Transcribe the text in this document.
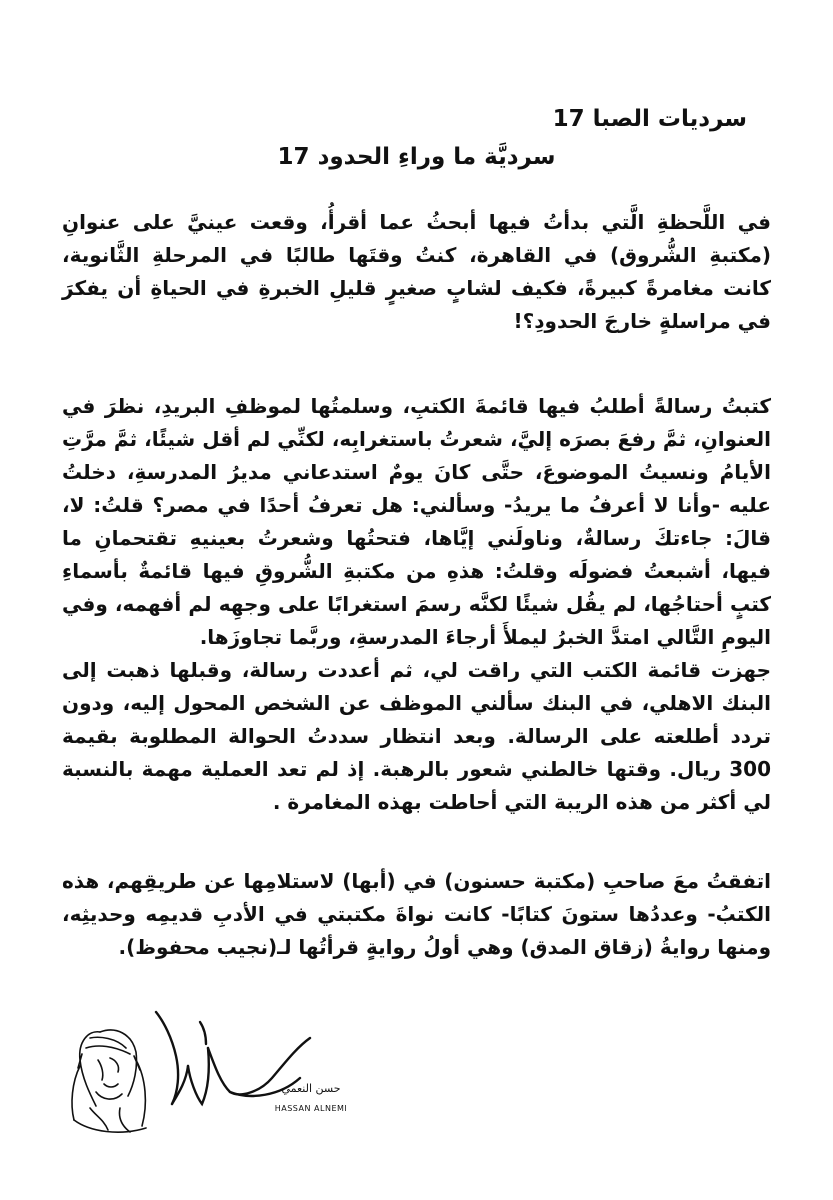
سرديات الصبا 17
سرديَّة ما وراءِ الحدود 17

في اللَّحظةِ الَّتي بدأتُ فيها أبحثُ عما أقرأُ، وقعت عينيَّ على عنوانِ (مكتبةِ الشُّروق) في القاهرة، كنتُ وقتَها طالبًا في المرحلةِ الثَّانوية، كانت مغامرةً كبيرةً، فكيف لشابٍ صغيرٍ قليلِ الخبرةِ في الحياةِ أن يفكرَ في مراسلةٍ خارجَ الحدودِ؟!

كتبتُ رسالةً أطلبُ فيها قائمةَ الكتبِ، وسلمتُها لموظفِ البريدِ، نظرَ في العنوانِ، ثمَّ رفعَ بصرَه إليَّ، شعرتُ باستغرابِه، لكنِّي لم أقل شيئًا، ثمَّ مرَّتِ الأيامُ ونسيتُ الموضوعَ، حتَّى كانَ يومٌ استدعاني مديرُ المدرسةِ، دخلتُ عليه -وأنا لا أعرفُ ما يريدُ- وسألني: هل تعرفُ أحدًا في مصر؟ قلتُ: لا، قالَ: جاءتكَ رسالةٌ، وناولَني إيَّاها، فتحتُها وشعرتُ بعينيهِ تقتحمانِ ما فيها، أشبعتُ فضولَه وقلتُ: هذهِ من مكتبةِ الشُّروقِ فيها قائمةٌ بأسماءِ كتبٍ أحتاجُها، لم يقُل شيئًا لكنَّه رسمَ استغرابًا على وجهِه لم أفهمه، وفي اليومِ التَّالي امتدَّ الخبرُ ليملأَ أرجاءَ المدرسةِ، وربَّما تجاوزَها.

جهزت قائمة الكتب التي راقت لي، ثم أعددت رسالة، وقبلها ذهبت إلى البنك الاهلي، في البنك سألني الموظف عن الشخص المحول إليه، ودون تردد أطلعته على الرسالة. وبعد انتظار سددتُ الحوالة المطلوبة بقيمة 300 ريال. وقتها خالطني شعور بالرهبة. إذ لم تعد العملية مهمة بالنسبة لي أكثر من هذه الريبة التي أحاطت بهذه المغامرة .

اتفقتُ معَ صاحبِ (مكتبة حسنون) في (أبها) لاستلامِها عن طريقِهم، هذه الكتبُ- وعددُها ستونَ كتابًا- كانت نواةَ مكتبتي في الأدبِ قديمِه وحديثِه، ومنها روايةُ (زقاق المدق) وهي أولُ روايةٍ قرأتُها لـ(نجيب محفوظ).

حسن النعمي
HASSAN ALNEMI
